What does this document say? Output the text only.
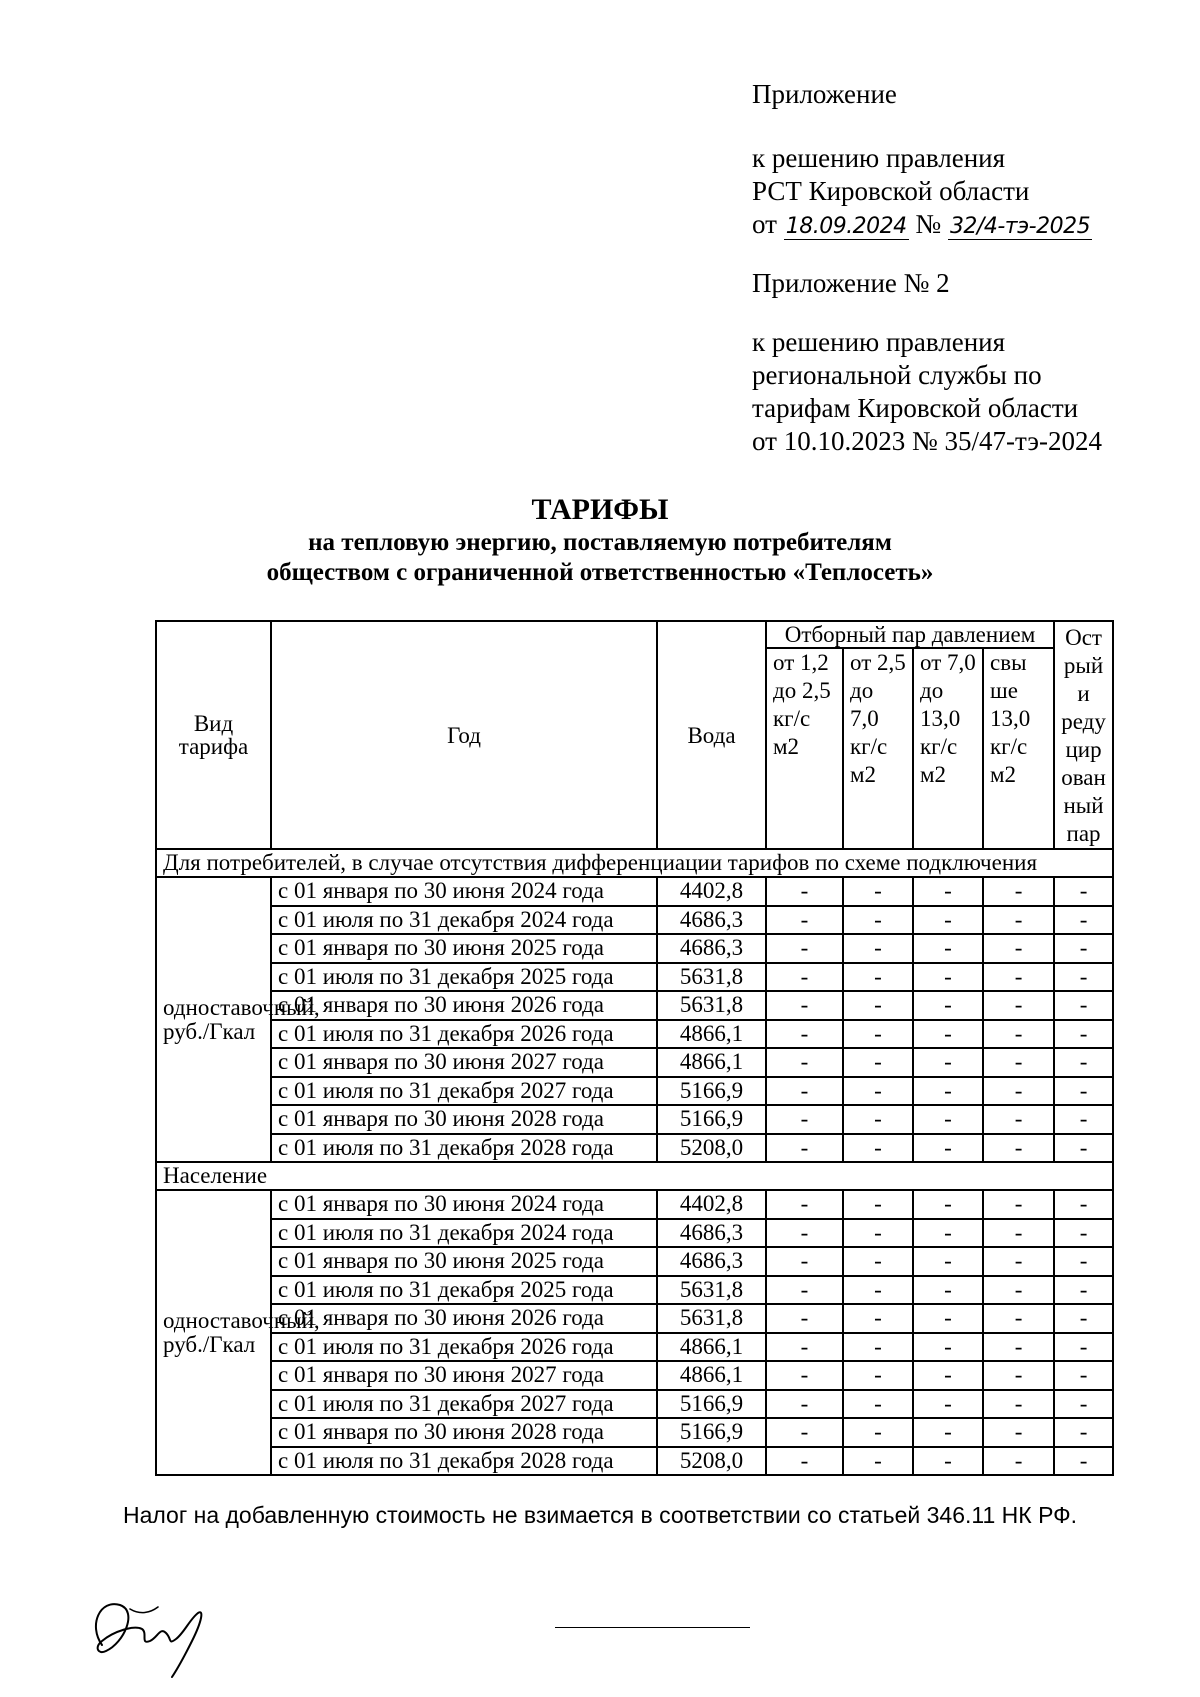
Приложение
к решению правления
РСТ Кировской области
от 18.09.2024 № 32/4-тэ-2025
Приложение № 2
к решению правления
региональной службы по
тарифам Кировской области
от 10.10.2023 № 35/47-тэ-2024
ТАРИФЫ
на тепловую энергию, поставляемую потребителям
обществом с ограниченной ответственностью «Теплосеть»
Вид тарифа	Год	Вода	Отборный пар давлением				Ост рый и реду цир ован ный пар
			от 1,2 до 2,5 кг/с м2	от 2,5 до 7,0 кг/с м2	от 7,0 до 13,0 кг/с м2	свы ше 13,0 кг/с м2	
Для потребителей, в случае отсутствия дифференциации тарифов по схеме подключения							
одноставочный, руб./Гкал	с 01 января по 30 июня 2024 года	4402,8	-	-	-	-	-
	с 01 июля по 31 декабря 2024 года	4686,3	-	-	-	-	-
	с 01 января по 30 июня 2025 года	4686,3	-	-	-	-	-
	с 01 июля по 31 декабря 2025 года	5631,8	-	-	-	-	-
	с 01 января по 30 июня 2026 года	5631,8	-	-	-	-	-
	с 01 июля по 31 декабря 2026 года	4866,1	-	-	-	-	-
	с 01 января по 30 июня 2027 года	4866,1	-	-	-	-	-
	с 01 июля по 31 декабря 2027 года	5166,9	-	-	-	-	-
	с 01 января по 30 июня 2028 года	5166,9	-	-	-	-	-
	с 01 июля по 31 декабря 2028 года	5208,0	-	-	-	-	-
Население							
одноставочный, руб./Гкал	с 01 января по 30 июня 2024 года	4402,8	-	-	-	-	-
	с 01 июля по 31 декабря 2024 года	4686,3	-	-	-	-	-
	с 01 января по 30 июня 2025 года	4686,3	-	-	-	-	-
	с 01 июля по 31 декабря 2025 года	5631,8	-	-	-	-	-
	с 01 января по 30 июня 2026 года	5631,8	-	-	-	-	-
	с 01 июля по 31 декабря 2026 года	4866,1	-	-	-	-	-
	с 01 января по 30 июня 2027 года	4866,1	-	-	-	-	-
	с 01 июля по 31 декабря 2027 года	5166,9	-	-	-	-	-
	с 01 января по 30 июня 2028 года	5166,9	-	-	-	-	-
	с 01 июля по 31 декабря 2028 года	5208,0	-	-	-	-	-
Налог на добавленную стоимость не взимается в соответствии со статьей 346.11 НК РФ.
